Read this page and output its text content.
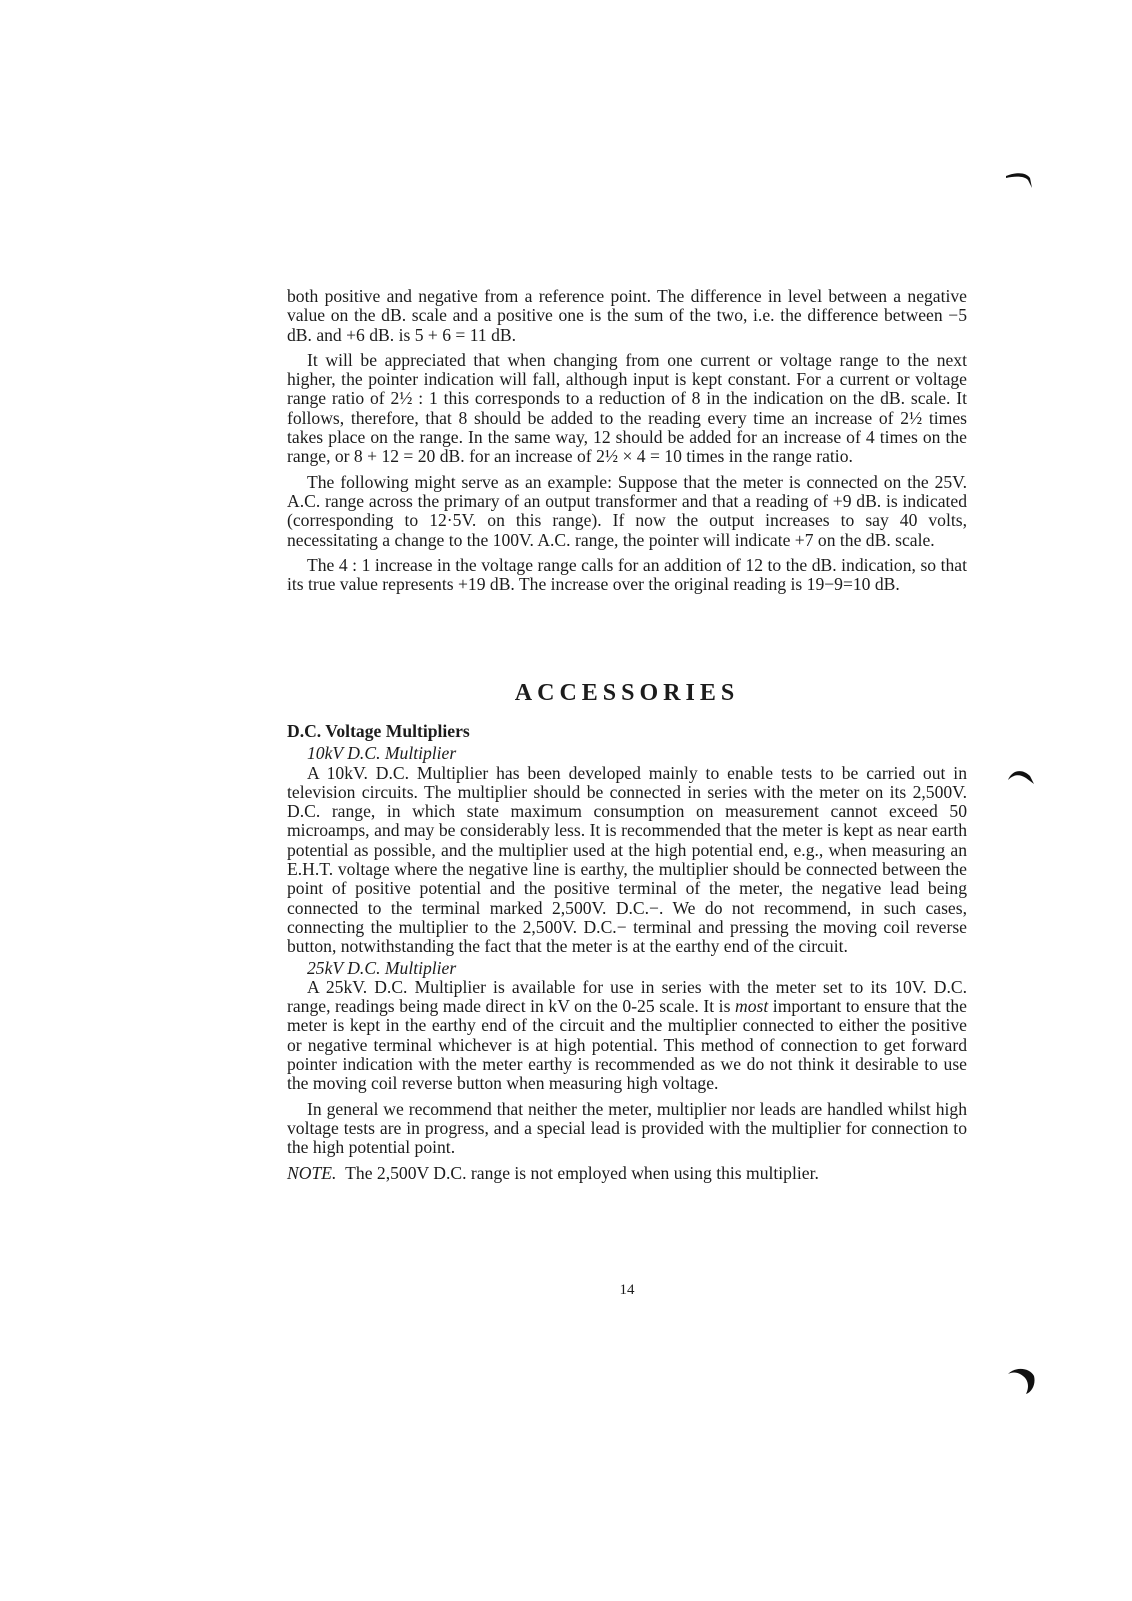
both positive and negative from a reference point. The difference in level between a negative value on the dB. scale and a positive one is the sum of the two, i.e. the difference between −5 dB. and +6 dB. is 5 + 6 = 11 dB.

It will be appreciated that when changing from one current or voltage range to the next higher, the pointer indication will fall, although input is kept constant. For a current or voltage range ratio of 2½ : 1 this corresponds to a reduction of 8 in the indication on the dB. scale. It follows, therefore, that 8 should be added to the reading every time an increase of 2½ times takes place on the range. In the same way, 12 should be added for an increase of 4 times on the range, or 8 + 12 = 20 dB. for an increase of 2½ × 4 = 10 times in the range ratio.

The following might serve as an example: Suppose that the meter is connected on the 25V. A.C. range across the primary of an output transformer and that a reading of +9 dB. is indicated (corresponding to 12·5V. on this range). If now the output increases to say 40 volts, necessitating a change to the 100V. A.C. range, the pointer will indicate +7 on the dB. scale.

The 4 : 1 increase in the voltage range calls for an addition of 12 to the dB. indication, so that its true value represents +19 dB. The increase over the original reading is 19−9=10 dB.

ACCESSORIES

D.C. Voltage Multipliers

10kV D.C. Multiplier

A 10kV. D.C. Multiplier has been developed mainly to enable tests to be carried out in television circuits. The multiplier should be connected in series with the meter on its 2,500V. D.C. range, in which state maximum consumption on measurement cannot exceed 50 microamps, and may be considerably less. It is recommended that the meter is kept as near earth potential as possible, and the multiplier used at the high potential end, e.g., when measuring an E.H.T. voltage where the negative line is earthy, the multiplier should be connected between the point of positive potential and the positive terminal of the meter, the negative lead being connected to the terminal marked 2,500V. D.C.−. We do not recommend, in such cases, connecting the multiplier to the 2,500V. D.C.− terminal and pressing the moving coil reverse button, notwithstanding the fact that the meter is at the earthy end of the circuit.

25kV D.C. Multiplier

A 25kV. D.C. Multiplier is available for use in series with the meter set to its 10V. D.C. range, readings being made direct in kV on the 0-25 scale. It is most important to ensure that the meter is kept in the earthy end of the circuit and the multiplier connected to either the positive or negative terminal whichever is at high potential. This method of connection to get forward pointer indication with the meter earthy is recommended as we do not think it desirable to use the moving coil reverse button when measuring high voltage.

In general we recommend that neither the meter, multiplier nor leads are handled whilst high voltage tests are in progress, and a special lead is provided with the multiplier for connection to the high potential point.

NOTE. The 2,500V D.C. range is not employed when using this multiplier.

14
